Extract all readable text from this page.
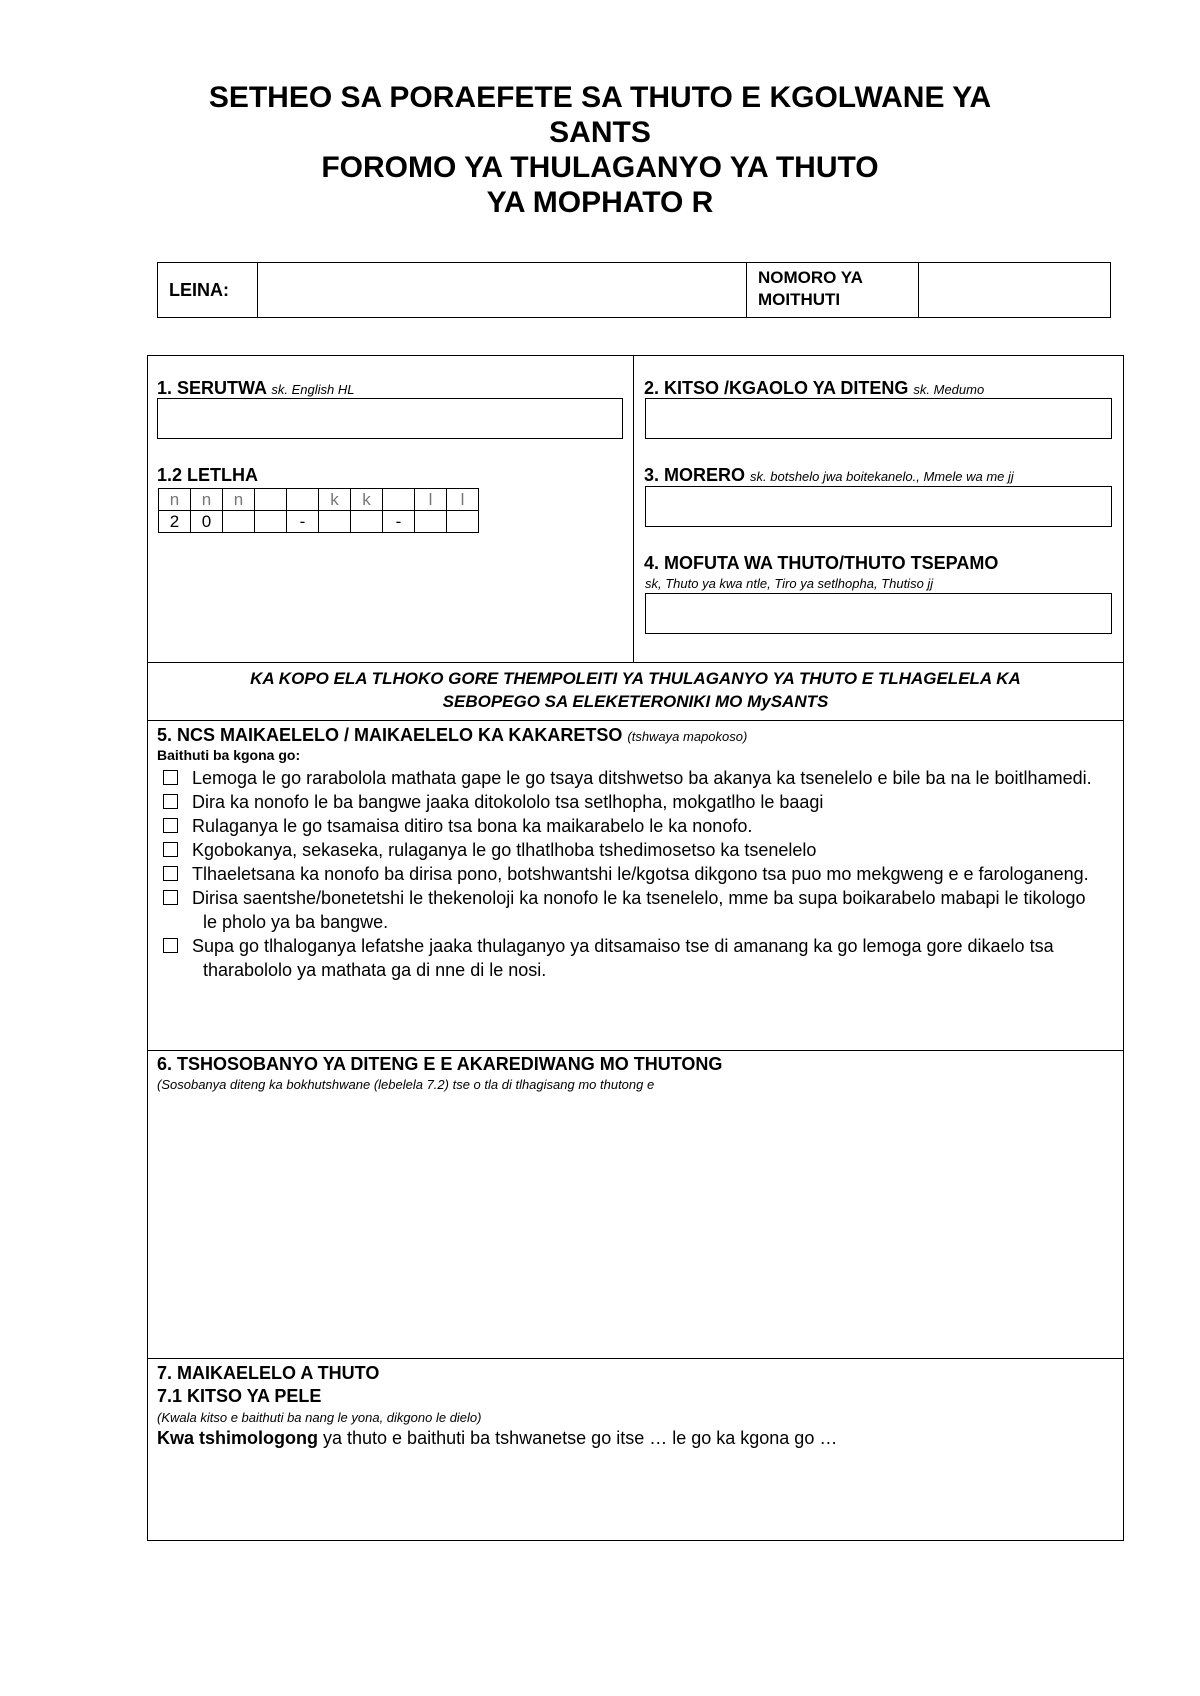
SETHEO SA PORAEFETE SA THUTO E KGOLWANE YA
SANTS
FOROMO YA THULAGANYO YA THUTO
YA MOPHATO R
LEINA:
NOMORO YA MOITHUTI
1. SERUTWA sk. English HL
1.2 LETLHA
n	n	n			k	k		l	l
2	0			-			-		
2. KITSO /KGAOLO YA DITENG sk. Medumo
3. MORERO sk. botshelo jwa boitekanelo., Mmele wa me jj
4. MOFUTA WA THUTO/THUTO TSEPAMO
sk, Thuto ya kwa ntle, Tiro ya setlhopha, Thutiso jj
KA KOPO ELA TLHOKO GORE THEMPOLEITI YA THULAGANYO YA THUTO E TLHAGELELA KA
SEBOPEGO SA ELEKETERONIKI MO MySANTS
5. NCS MAIKAELELO / MAIKAELELO KA KAKARETSO (tshwaya mapokoso)
Baithuti ba kgona go:

Lemoga le go rarabolola mathata gape le go tsaya ditshwetso ba akanya ka tsenelelo e bile ba na le boitlhamedi.

Dira ka nonofo le ba bangwe jaaka ditokololo tsa setlhopha, mokgatlho le baagi

Rulaganya le go tsamaisa ditiro tsa bona ka maikarabelo le ka nonofo.

Kgobokanya, sekaseka, rulaganya le go tlhatlhoba tshedimosetso ka tsenelelo

Tlhaeletsana ka nonofo ba dirisa pono, botshwantshi le/kgotsa dikgono tsa puo mo mekgweng e e farologaneng.

Dirisa saentshe/bonetetshi le thekenoloji ka nonofo le ka tsenelelo, mme ba supa boikarabelo mabapi le tikologo le pholo ya ba bangwe.

Supa go tlhaloganya lefatshe jaaka thulaganyo ya ditsamaiso tse di amanang ka go lemoga gore dikaelo tsa tharabololo ya mathata ga di nne di le nosi.

6. TSHOSOBANYO YA DITENG E E AKAREDIWANG MO THUTONG
(Sosobanya diteng ka bokhutshwane (lebelela 7.2) tse o tla di tlhagisang mo thutong e
7. MAIKAELELO A THUTO
7.1 KITSO YA PELE
(Kwala kitso e baithuti ba nang le yona, dikgono le dielo)
Kwa tshimologong ya thuto e baithuti ba tshwanetse go itse … le go ka kgona go …
